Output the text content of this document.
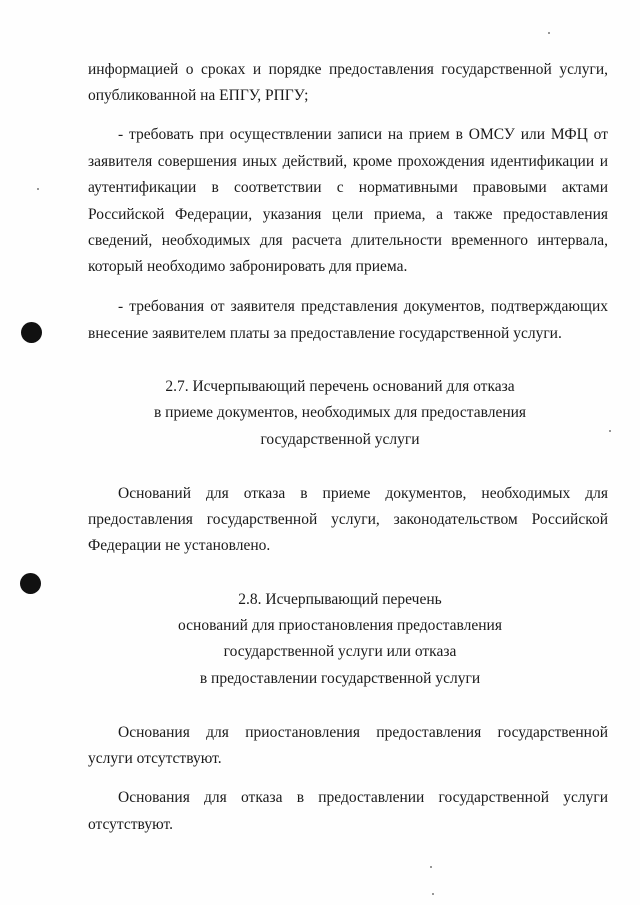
информацией о сроках и порядке предоставления государственной услуги,
опубликованной на ЕПГУ, РПГУ;
- требовать при осуществлении записи на прием в ОМСУ или МФЦ от
заявителя совершения иных действий, кроме прохождения идентификации и
аутентификации в соответствии с нормативными правовыми актами
Российской Федерации, указания цели приема, а также предоставления
сведений, необходимых для расчета длительности временного интервала,
который необходимо забронировать для приема.
- требования от заявителя представления документов, подтверждающих
внесение заявителем платы за предоставление государственной услуги.
2.7. Исчерпывающий перечень оснований для отказа
в приеме документов, необходимых для предоставления
государственной услуги
Оснований для отказа в приеме документов, необходимых для
предоставления государственной услуги, законодательством Российской
Федерации не установлено.
2.8. Исчерпывающий перечень
оснований для приостановления предоставления
государственной услуги или отказа
в предоставлении государственной услуги
Основания для приостановления предоставления государственной
услуги отсутствуют.
Основания для отказа в предоставлении государственной услуги
отсутствуют.
